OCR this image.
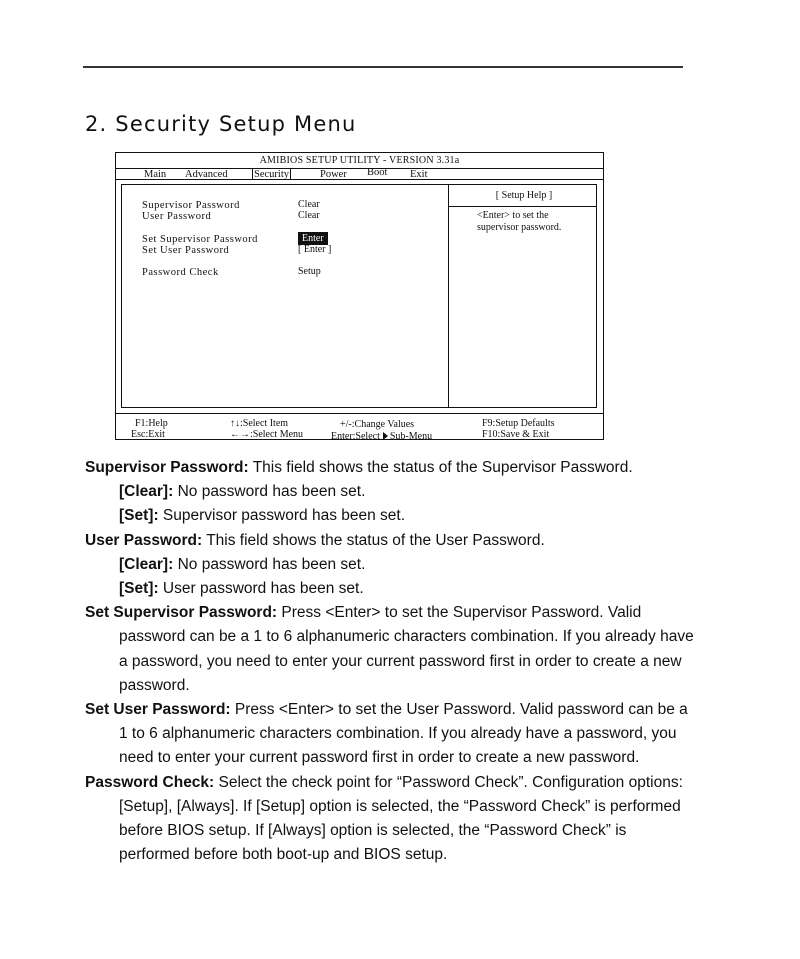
2. Security Setup Menu
AMIBIOS SETUP UTILITY - VERSION 3.31a
Main Advanced	Security	Power Boot Exit
Supervisor Password	Clear
User Password	Clear
Set Supervisor Password	Enter
Set User Password	[ Enter ]
Password Check	Setup
[ Setup Help ]
<Enter> to set the
supervisor password.
F1:Help
Esc:Exit
↑↓:Select Item
←→:Select Menu
+/-:Change Values
Enter:Select Sub-Menu
F9:Setup Defaults
F10:Save & Exit

Supervisor Password: This field shows the status of the Supervisor Password.

[Clear]: No password has been set.

[Set]: Supervisor password has been set.

User Password: This field shows the status of the User Password.

[Clear]: No password has been set.

[Set]: User password has been set.

Set Supervisor Password: Press <Enter> to set the Supervisor Password. Valid password can be a 1 to 6 alphanumeric characters combination. If you already have a password, you need to enter your current password first in order to create a new password.

Set User Password: Press <Enter> to set the User Password. Valid password can be a 1 to 6 alphanumeric characters combination. If you already have a password, you need to enter your current password first in order to create a new password.

Password Check: Select the check point for “Password Check”. Configuration options: [Setup], [Always]. If [Setup] option is selected, the “Password Check” is performed before BIOS setup. If [Always] option is selected, the “Password Check” is performed before both boot-up and BIOS setup.
